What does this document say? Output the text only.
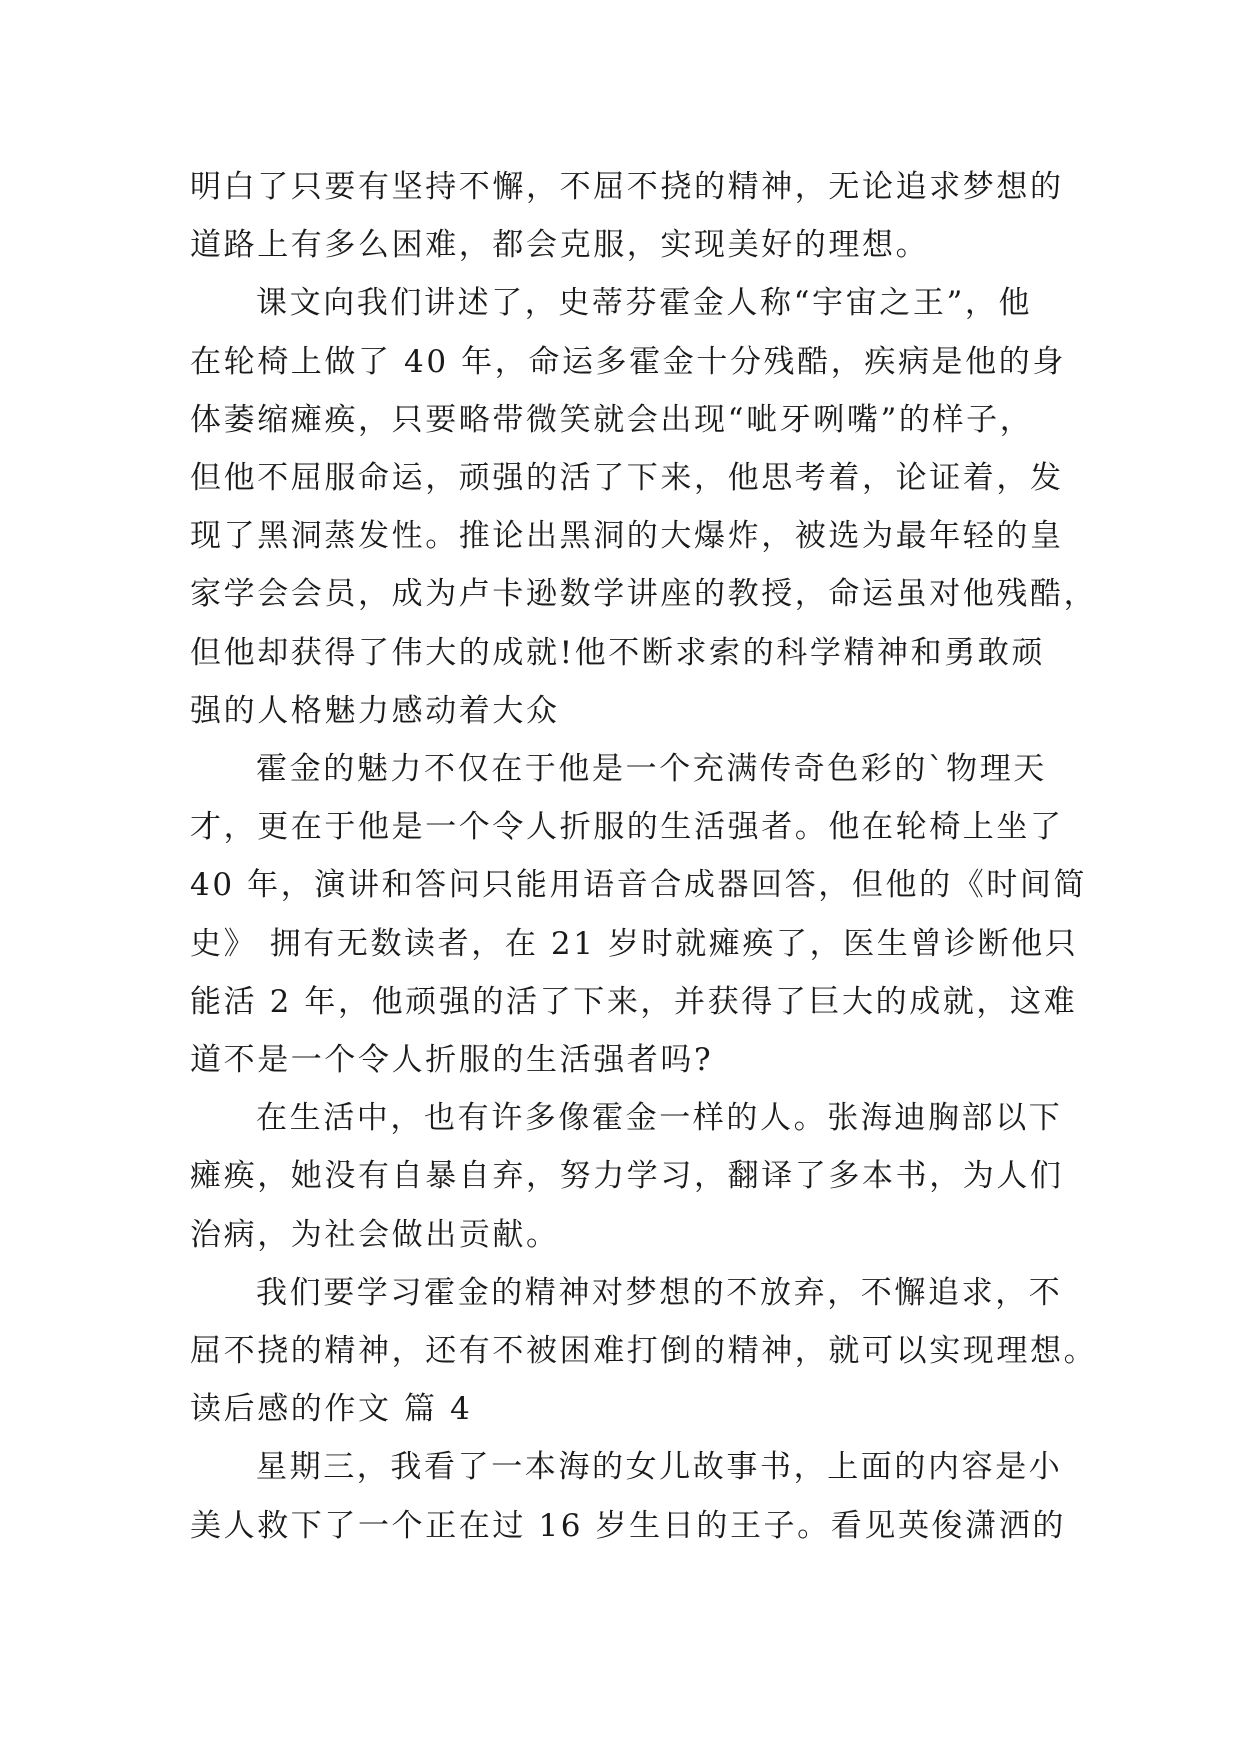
明白了只要有坚持不懈，不屈不挠的精神，无论追求梦想的
道路上有多么困难，都会克服，实现美好的理想。

课文向我们讲述了，史蒂芬霍金人称“宇宙之王”，他
在轮椅上做了 40 年，命运多霍金十分残酷，疾病是他的身
体萎缩瘫痪，只要略带微笑就会出现“呲牙咧嘴”的样子，
但他不屈服命运，顽强的活了下来，他思考着，论证着，发
现了黑洞蒸发性。推论出黑洞的大爆炸，被选为最年轻的皇
家学会会员，成为卢卡逊数学讲座的教授，命运虽对他残酷，
但他却获得了伟大的成就!他不断求索的科学精神和勇敢顽
强的人格魅力感动着大众

霍金的魅力不仅在于他是一个充满传奇色彩的`物理天
才，更在于他是一个令人折服的生活强者。他在轮椅上坐了
40 年，演讲和答问只能用语音合成器回答，但他的《时间简
史》 拥有无数读者，在 21 岁时就瘫痪了，医生曾诊断他只
能活 2 年，他顽强的活了下来，并获得了巨大的成就，这难
道不是一个令人折服的生活强者吗?

在生活中，也有许多像霍金一样的人。张海迪胸部以下
瘫痪，她没有自暴自弃，努力学习，翻译了多本书，为人们
治病，为社会做出贡献。

我们要学习霍金的精神对梦想的不放弃，不懈追求，不
屈不挠的精神，还有不被困难打倒的精神，就可以实现理想。

读后感的作文 篇 4

星期三，我看了一本海的女儿故事书，上面的内容是小
美人救下了一个正在过 16 岁生日的王子。看见英俊潇洒的
